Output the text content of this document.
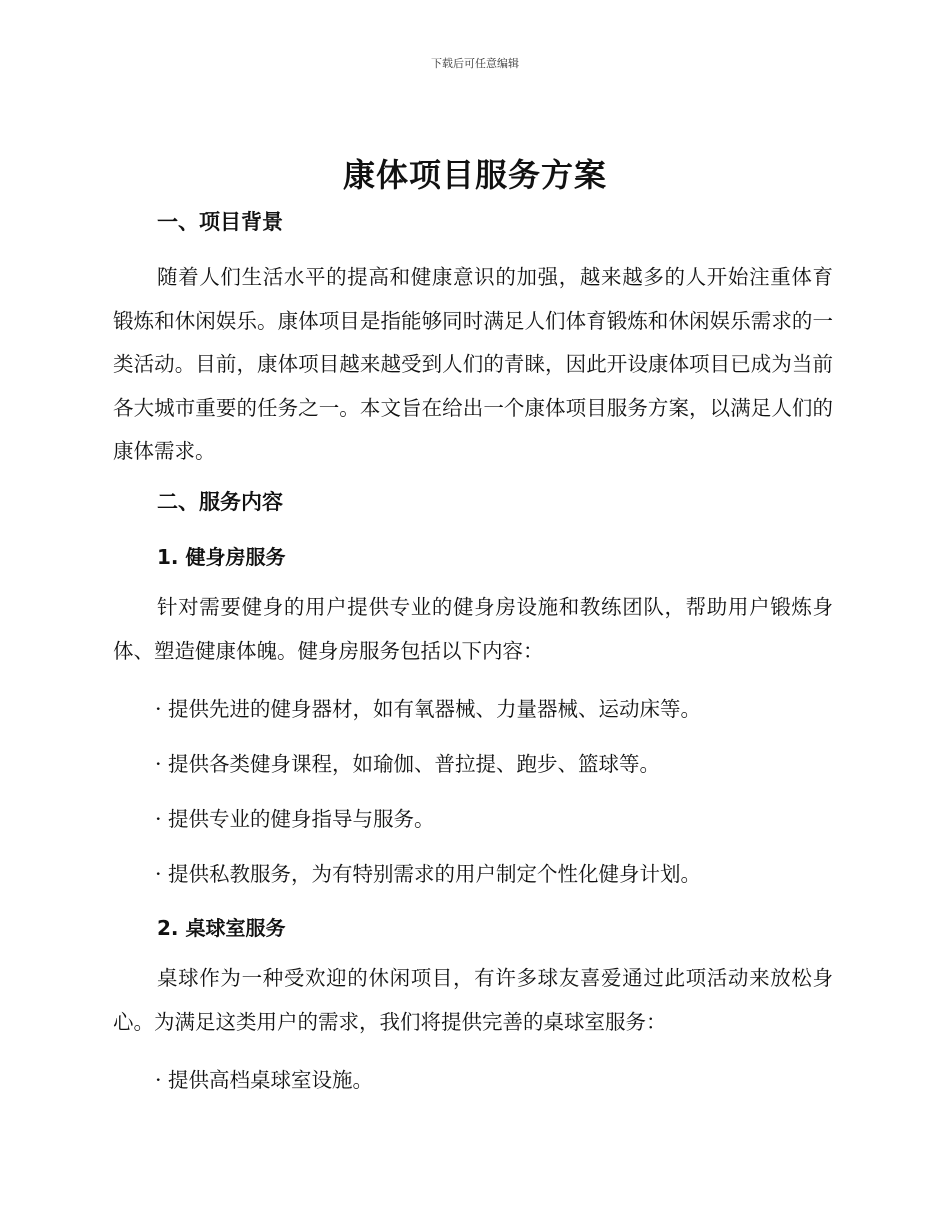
下载后可任意编辑
康体项目服务方案
一、项目背景

随着人们生活水平的提高和健康意识的加强，越来越多的人开始注重体育锻炼和休闲娱乐。康体项目是指能够同时满足人们体育锻炼和休闲娱乐需求的一类活动。目前，康体项目越来越受到人们的青睐，因此开设康体项目已成为当前各大城市重要的任务之一。本文旨在给出一个康体项目服务方案，以满足人们的康体需求。

二、服务内容
1. 健身房服务

针对需要健身的用户提供专业的健身房设施和教练团队，帮助用户锻炼身体、塑造健康体魄。健身房服务包括以下内容：

· 提供先进的健身器材，如有氧器械、力量器械、运动床等。

· 提供各类健身课程，如瑜伽、普拉提、跑步、篮球等。

· 提供专业的健身指导与服务。

· 提供私教服务，为有特别需求的用户制定个性化健身计划。

2. 桌球室服务

桌球作为一种受欢迎的休闲项目，有许多球友喜爱通过此项活动来放松身心。为满足这类用户的需求，我们将提供完善的桌球室服务：

· 提供高档桌球室设施。
